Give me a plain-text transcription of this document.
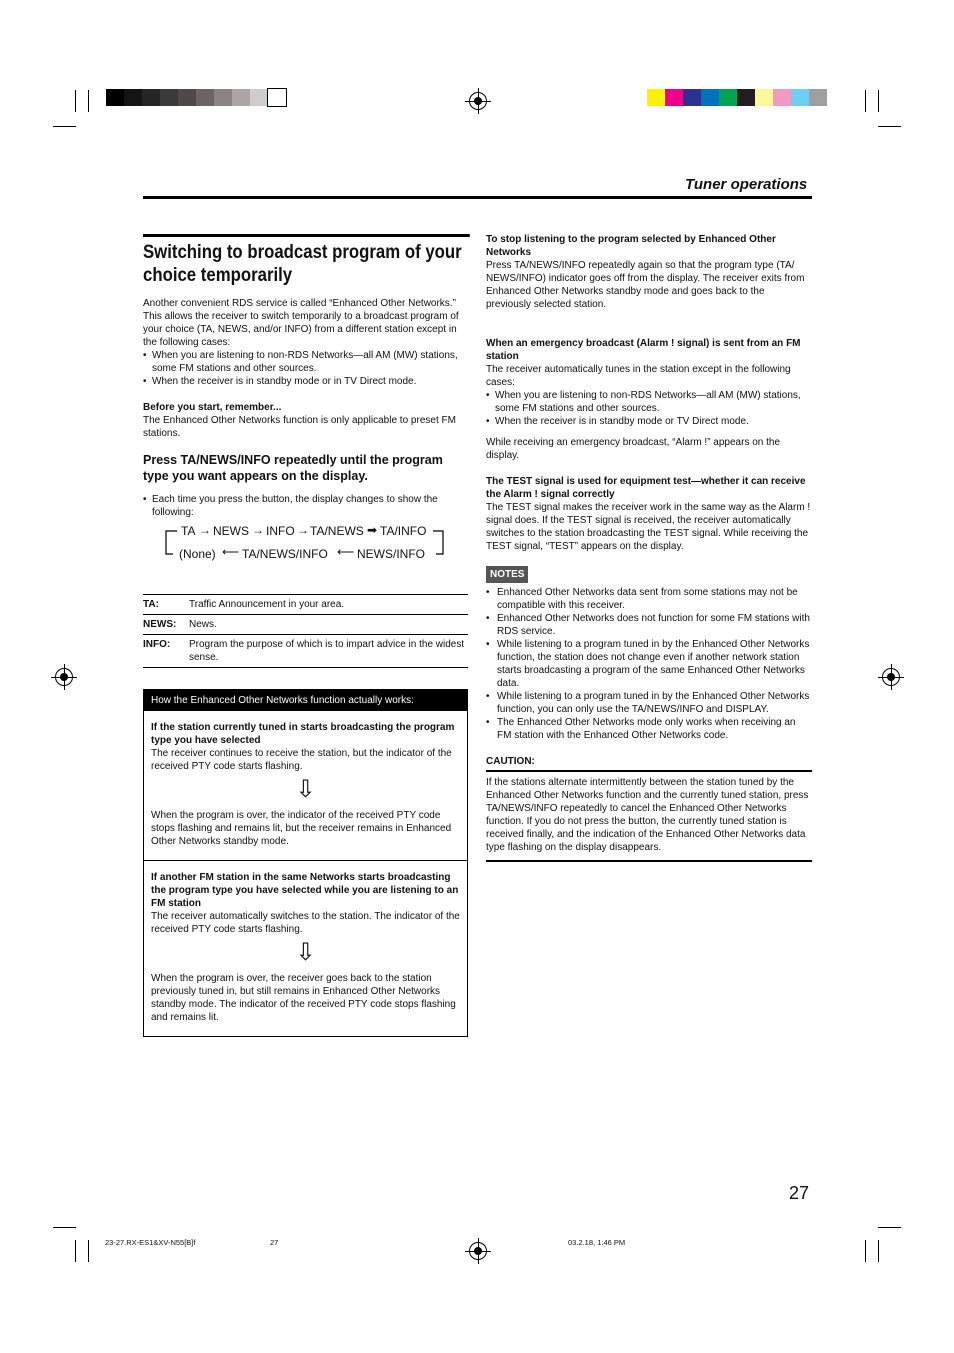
Tuner operations
Switching to broadcast program of your choice temporarily
Another convenient RDS service is called “Enhanced Other Networks.”
This allows the receiver to switch temporarily to a broadcast program of your choice (TA, NEWS, and/or INFO) from a different station except in the following cases:
• When you are listening to non-RDS Networks—all AM (MW) stations, some FM stations and other sources.
• When the receiver is in standby mode or in TV Direct mode.
Before you start, remember...
The Enhanced Other Networks function is only applicable to preset FM stations.
Press TA/NEWS/INFO repeatedly until the program type you want appears on the display.
• Each time you press the button, the display changes to show the following:
TA → NEWS → INFO → TA/NEWS ➡ TA/INFO
(None) ⟵ TA/NEWS/INFO ⟵ NEWS/INFO
TA:	Traffic Announcement in your area.
NEWS:	News.
INFO:	Program the purpose of which is to impart advice in the widest sense.
How the Enhanced Other Networks function actually works:
If the station currently tuned in starts broadcasting the program type you have selected
The receiver continues to receive the station, but the indicator of the received PTY code starts flashing.
⇩
When the program is over, the indicator of the received PTY code stops flashing and remains lit, but the receiver remains in Enhanced Other Networks standby mode.
If another FM station in the same Networks starts broadcasting the program type you have selected while you are listening to an FM station
The receiver automatically switches to the station. The indicator of the received PTY code starts flashing.
⇩
When the program is over, the receiver goes back to the station previously tuned in, but still remains in Enhanced Other Networks standby mode. The indicator of the received PTY code stops flashing and remains lit.
To stop listening to the program selected by Enhanced Other Networks
Press TA/NEWS/INFO repeatedly again so that the program type (TA/ NEWS/INFO) indicator goes off from the display. The receiver exits from Enhanced Other Networks standby mode and goes back to the previously selected station.
When an emergency broadcast (Alarm ! signal) is sent from an FM station
The receiver automatically tunes in the station except in the following cases:
• When you are listening to non-RDS Networks—all AM (MW) stations, some FM stations and other sources.
• When the receiver is in standby mode or TV Direct mode.
While receiving an emergency broadcast, “Alarm !” appears on the display.
The TEST signal is used for equipment test—whether it can receive the Alarm ! signal correctly
The TEST signal makes the receiver work in the same way as the Alarm ! signal does. If the TEST signal is received, the receiver automatically switches to the station broadcasting the TEST signal. While receiving the TEST signal, “TEST” appears on the display.
NOTES
• Enhanced Other Networks data sent from some stations may not be compatible with this receiver.
• Enhanced Other Networks does not function for some FM stations with RDS service.
• While listening to a program tuned in by the Enhanced Other Networks function, the station does not change even if another network station starts broadcasting a program of the same Enhanced Other Networks data.
• While listening to a program tuned in by the Enhanced Other Networks function, you can only use the TA/NEWS/INFO and DISPLAY.
• The Enhanced Other Networks mode only works when receiving an FM station with the Enhanced Other Networks code.
CAUTION:
If the stations alternate intermittently between the station tuned by the Enhanced Other Networks function and the currently tuned station, press TA/NEWS/INFO repeatedly to cancel the Enhanced Other Networks function. If you do not press the button, the currently tuned station is received finally, and the indication of the Enhanced Other Networks data type flashing on the display disappears.
27
23-27.RX-ES1&XV-N55[B]f	27	03.2.18, 1:46 PM
